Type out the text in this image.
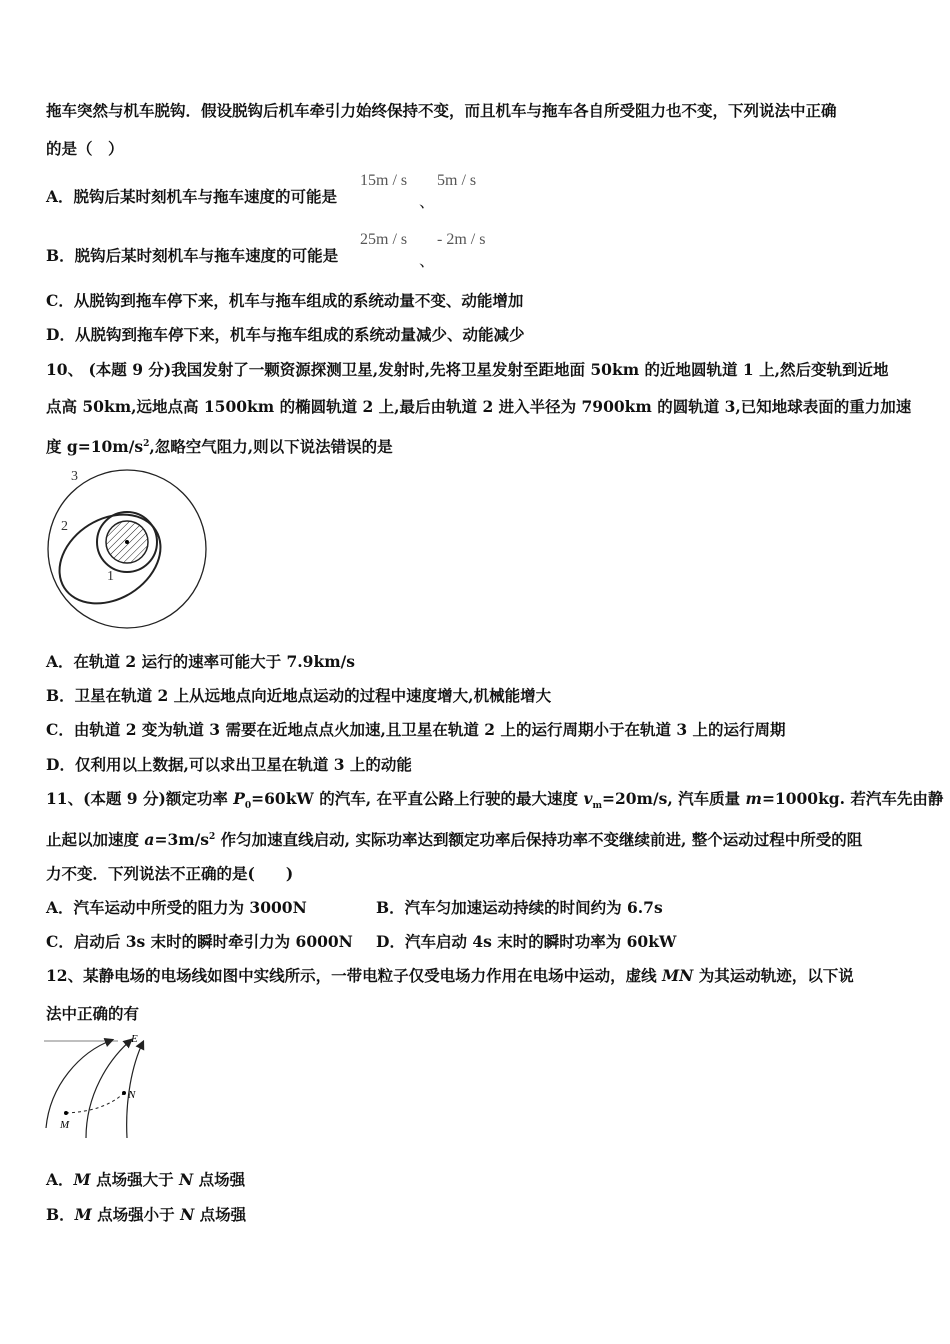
拖车突然与机车脱钩．假设脱钩后机车牵引力始终保持不变，而且机车与拖车各自所受阻力也不变，下列说法中正确
的是（　）
A．脱钩后某时刻机车与拖车速度的可能是
15m / s
、
5m / s
B．脱钩后某时刻机车与拖车速度的可能是
25m / s
、
- 2m / s
C．从脱钩到拖车停下来，机车与拖车组成的系统动量不变、动能增加
D．从脱钩到拖车停下来，机车与拖车组成的系统动量减少、动能减少
10、 (本题 9 分)我国发射了一颗资源探测卫星,发射时,先将卫星发射至距地面 50km 的近地圆轨道 1 上,然后变轨到近地
点高 50km,远地点高 1500km 的椭圆轨道 2 上,最后由轨道 2 进入半径为 7900km 的圆轨道 3,已知地球表面的重力加速
度 $g=10m/s^2$,忽略空气阻力,则以下说法错误的是
3
2
1
A．在轨道 2 运行的速率可能大于 7.9km/s
B．卫星在轨道 2 上从远地点向近地点运动的过程中速度增大,机械能增大
C．由轨道 2 变为轨道 3 需要在近地点点火加速,且卫星在轨道 2 上的运行周期小于在轨道 3 上的运行周期
D．仅利用以上数据,可以求出卫星在轨道 3 上的动能
11、(本题 9 分)额定功率 $P_0=60kW$ 的汽车, 在平直公路上行驶的最大速度 $v_m=20m/s$, 汽车质量 m=1000kg. 若汽车先由静
止起以加速度 $a=3m/s^2$ 作匀加速直线启动, 实际功率达到额定功率后保持功率不变继续前进, 整个运动过程中所受的阻
力不变．下列说法不正确的是(　　)
A．汽车运动中所受的阻力为 3000N	B．汽车匀加速运动持续的时间约为 6.7s
C．启动后 3s 末时的瞬时牵引力为 6000N D．汽车启动 4s 末时的瞬时功率为 60kW
12、某静电场的电场线如图中实线所示，一带电粒子仅受电场力作用在电场中运动，虚线 MN 为其运动轨迹，以下说
法中正确的有
E
N
M
A．M 点场强大于 N 点场强
B．M 点场强小于 N 点场强
